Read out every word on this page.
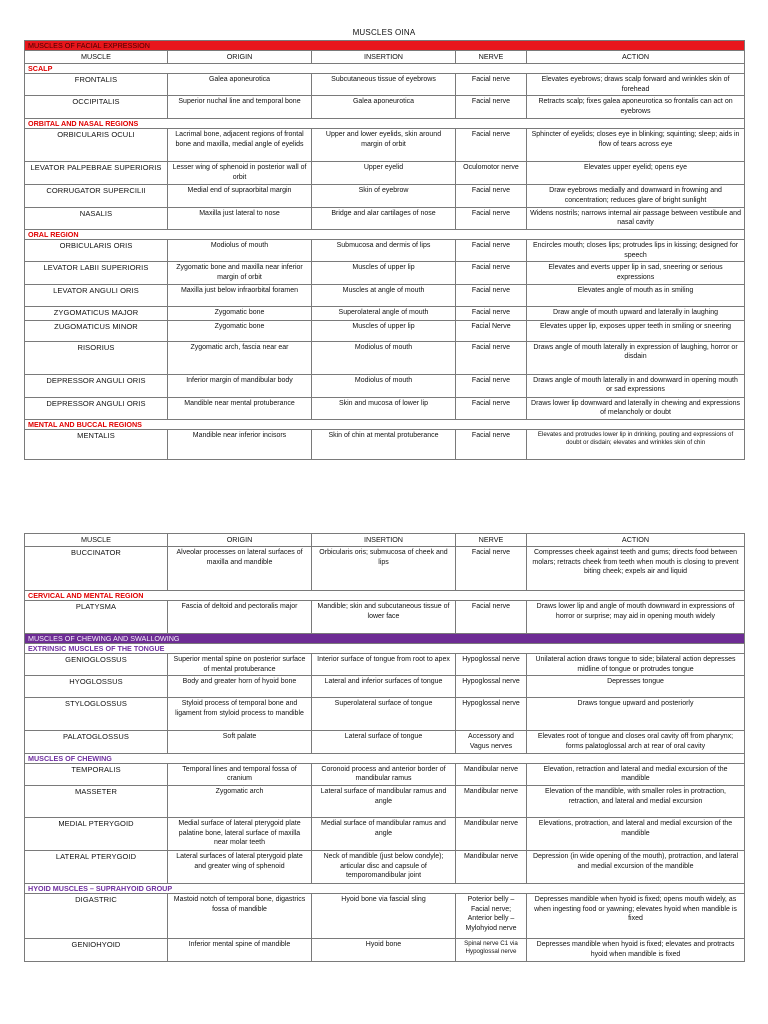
MUSCLES OINA
MUSCLES OF FACIAL EXPRESSION				
MUSCLE	ORIGIN	INSERTION	NERVE	ACTION
SCALP				
FRONTALIS	Galea aponeurotica	Subcutaneous tissue of eyebrows	Facial nerve	Elevates eyebrows; draws scalp forward and wrinkles skin of forehead
OCCIPITALIS	Superior nuchal line and temporal bone	Galea aponeurotica	Facial nerve	Retracts scalp; fixes galea aponeurotica so frontalis can act on eyebrows
ORBITAL AND NASAL REGIONS				
ORBICULARIS OCULI	Lacrimal bone, adjacent regions of frontal bone and maxilla, medial angle of eyelids	Upper and lower eyelids, skin around margin of orbit	Facial nerve	Sphincter of eyelids; closes eye in blinking; squinting; sleep; aids in flow of tears across eye
LEVATOR PALPEBRAE SUPERIORIS	Lesser wing of sphenoid in posterior wall of orbit	Upper eyelid	Oculomotor nerve	Elevates upper eyelid; opens eye
CORRUGATOR SUPERCILII	Medial end of supraorbital margin	Skin of eyebrow	Facial nerve	Draw eyebrows medially and downward in frowning and concentration; reduces glare of bright sunlight
NASALIS	Maxilla just lateral to nose	Bridge and alar cartilages of nose	Facial nerve	Widens nostrils; narrows internal air passage between vestibule and nasal cavity
ORAL REGION				
ORBICULARIS ORIS	Modiolus of mouth	Submucosa and dermis of lips	Facial nerve	Encircles mouth; closes lips; protrudes lips in kissing; designed for speech
LEVATOR LABII SUPERIORIS	Zygomatic bone and maxilla near inferior margin of orbit	Muscles of upper lip	Facial nerve	Elevates and everts upper lip in sad, sneering or serious expressions
LEVATOR ANGULI ORIS	Maxilla just below infraorbital foramen	Muscles at angle of mouth	Facial nerve	Elevates angle of mouth as in smiling
ZYGOMATICUS MAJOR	Zygomatic bone	Superolateral angle of mouth	Facial nerve	Draw angle of mouth upward and laterally in laughing
ZUGOMATICUS MINOR	Zygomatic bone	Muscles of upper lip	Facial Nerve	Elevates upper lip, exposes upper teeth in smiling or sneering
RISORIUS	Zygomatic arch, fascia near ear	Modiolus of mouth	Facial nerve	Draws angle of mouth laterally in expression of laughing, horror or disdain
DEPRESSOR ANGULI ORIS	Inferior margin of mandibular body	Modiolus of mouth	Facial nerve	Draws angle of mouth laterally in and downward in opening mouth or sad expressions
DEPRESSOR ANGULI ORIS	Mandible near mental protuberance	Skin and mucosa of lower lip	Facial nerve	Draws lower lip downward and laterally in chewing and expressions of melancholy or doubt
MENTAL AND BUCCAL REGIONS				
MENTALIS	Mandible near inferior incisors	Skin of chin at mental protuberance	Facial nerve	Elevates and protrudes lower lip in drinking, pouting and expressions of doubt or disdain; elevates and wrinkles skin of chin
MUSCLE	ORIGIN	INSERTION	NERVE	ACTION
BUCCINATOR	Alveolar processes on lateral surfaces of maxilla and mandible	Orbicularis oris; submucosa of cheek and lips	Facial nerve	Compresses cheek against teeth and gums; directs food between molars; retracts cheek from teeth when mouth is closing to prevent biting cheek; expels air and liquid
CERVICAL AND MENTAL REGION				
PLATYSMA	Fascia of deltoid and pectoralis major	Mandible; skin and subcutaneous tissue of lower face	Facial nerve	Draws lower lip and angle of mouth downward in expressions of horror or surprise; may aid in opening mouth widely
MUSCLES OF CHEWING AND SWALLOWING				
EXTRINSIC MUSCLES OF THE TONGUE				
GENIOGLOSSUS	Superior mental spine on posterior surface of mental protuberance	Interior surface of tongue from root to apex	Hypoglossal nerve	Unilateral action draws tongue to side; bilateral action depresses midline of tongue or protrudes tongue
HYOGLOSSUS	Body and greater horn of hyoid bone	Lateral and inferior surfaces of tongue	Hypoglossal nerve	Depresses tongue
STYLOGLOSSUS	Styloid process of temporal bone and ligament from styloid process to mandible	Superolateral surface of tongue	Hypoglossal nerve	Draws tongue upward and posteriorly
PALATOGLOSSUS	Soft palate	Lateral surface of tongue	Accessory and Vagus nerves	Elevates root of tongue and closes oral cavity off from pharynx; forms palatoglossal arch at rear of oral cavity
MUSCLES OF CHEWING				
TEMPORALIS	Temporal lines and temporal fossa of cranium	Coronoid process and anterior border of mandibular ramus	Mandibular nerve	Elevation, retraction and lateral and medial excursion of the mandible
MASSETER	Zygomatic arch	Lateral surface of mandibular ramus and angle	Mandibular nerve	Elevation of the mandible, with smaller roles in protraction, retraction, and lateral and medial excursion
MEDIAL PTERYGOID	Medial surface of lateral pterygoid plate palatine bone, lateral surface of maxilla near molar teeth	Medial surface of mandibular ramus and angle	Mandibular nerve	Elevations, protraction, and lateral and medial excursion of the mandible
LATERAL PTERYGOID	Lateral surfaces of lateral pterygoid plate and greater wing of sphenoid	Neck of mandible (just below condyle); articular disc and capsule of temporomandibular joint	Mandibular nerve	Depression (in wide opening of the mouth), protraction, and lateral and medial excursion of the mandible
HYOID MUSCLES – SUPRAHYOID GROUP				
DIGASTRIC	Mastoid notch of temporal bone, digastrics fossa of mandible	Hyoid bone via fascial sling	Poterior belly – Facial nerve; Anterior belly – Mylohyiod nerve	Depresses mandible when hyoid is fixed; opens mouth widely, as when ingesting food or yawning; elevates hyoid when mandible is fixed
GENIOHYOID	Inferior mental spine of mandible	Hyoid bone	Spinal nerve C1 via Hypoglossal nerve	Depresses mandible when hyoid is fixed; elevates and protracts hyoid when mandible is fixed
